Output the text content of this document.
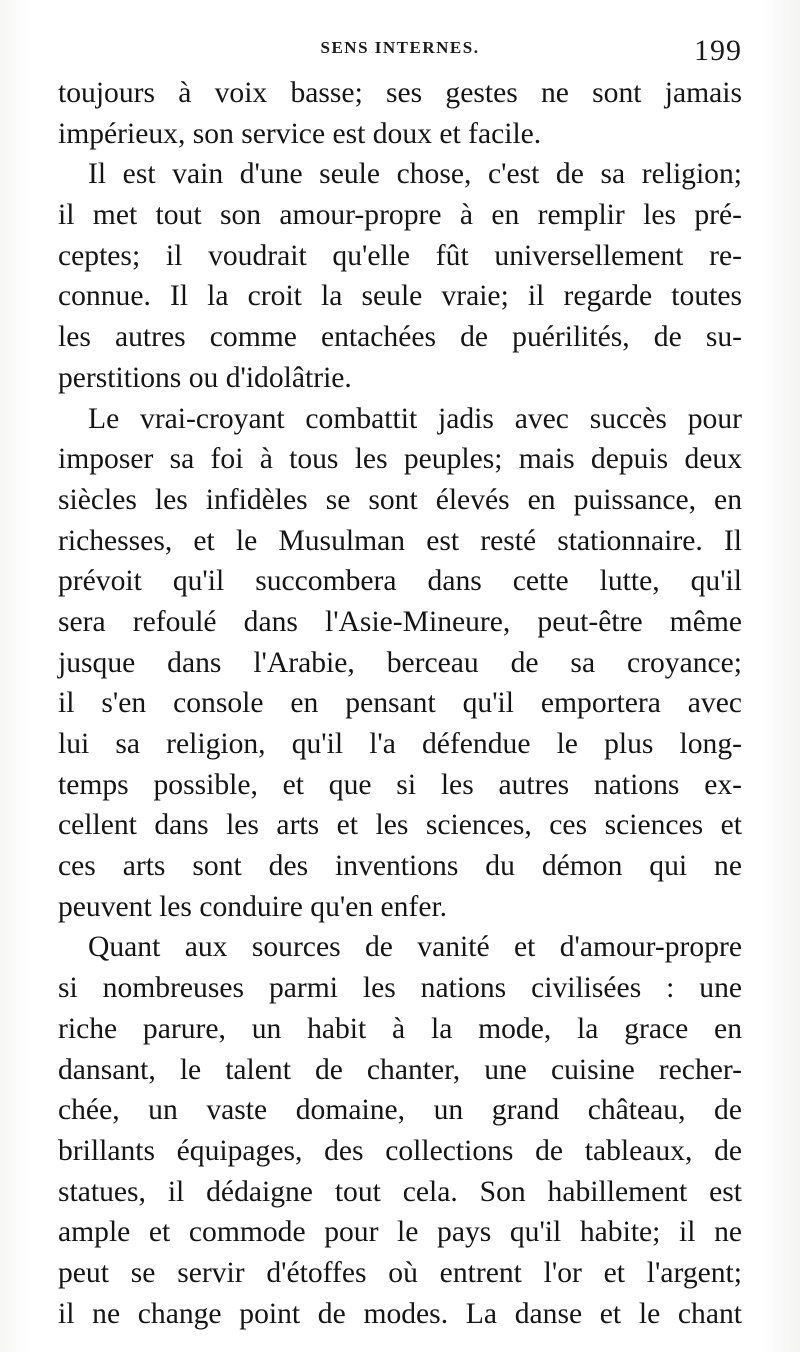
SENS INTERNES.	199
toujours à voix basse; ses gestes ne sont jamais
impérieux, son service est doux et facile.
Il est vain d'une seule chose, c'est de sa religion;
il met tout son amour-propre à en remplir les pré-
ceptes; il voudrait qu'elle fût universellement re-
connue. Il la croit la seule vraie; il regarde toutes
les autres comme entachées de puérilités, de su-
perstitions ou d'idolâtrie.
Le vrai-croyant combattit jadis avec succès pour
imposer sa foi à tous les peuples; mais depuis deux
siècles les infidèles se sont élevés en puissance, en
richesses, et le Musulman est resté stationnaire. Il
prévoit qu'il succombera dans cette lutte, qu'il
sera refoulé dans l'Asie-Mineure, peut-être même
jusque dans l'Arabie, berceau de sa croyance;
il s'en console en pensant qu'il emportera avec
lui sa religion, qu'il l'a défendue le plus long-
temps possible, et que si les autres nations ex-
cellent dans les arts et les sciences, ces sciences et
ces arts sont des inventions du démon qui ne
peuvent les conduire qu'en enfer.
Quant aux sources de vanité et d'amour-propre
si nombreuses parmi les nations civilisées : une
riche parure, un habit à la mode, la grace en
dansant, le talent de chanter, une cuisine recher-
chée, un vaste domaine, un grand château, de
brillants équipages, des collections de tableaux, de
statues, il dédaigne tout cela. Son habillement est
ample et commode pour le pays qu'il habite; il ne
peut se servir d'étoffes où entrent l'or et l'argent;
il ne change point de modes. La danse et le chant
